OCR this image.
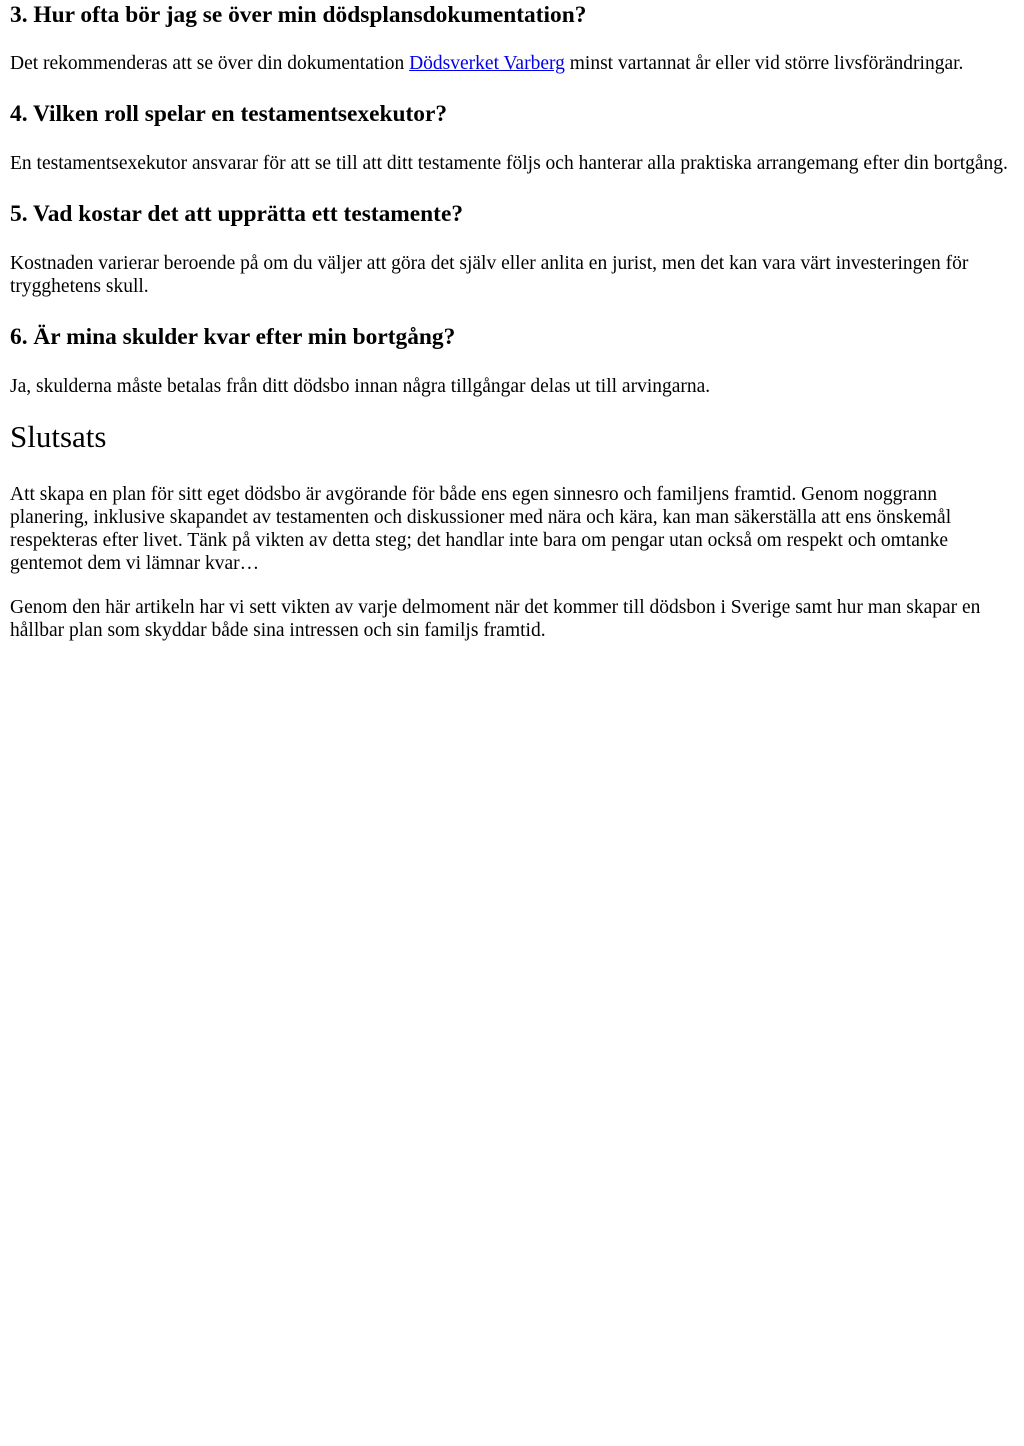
3. Hur ofta bör jag se över min dödsplansdokumentation?

Det rekommenderas att se över din dokumentation Dödsverket Varberg minst vartannat år eller vid större livsförändringar.

4. Vilken roll spelar en testamentsexekutor?

En testamentsexekutor ansvarar för att se till att ditt testamente följs och hanterar alla praktiska arrangemang efter din bortgång.

5. Vad kostar det att upprätta ett testamente?

Kostnaden varierar beroende på om du väljer att göra det själv eller anlita en jurist, men det kan vara värt investeringen för trygghetens skull.

6. Är mina skulder kvar efter min bortgång?

Ja, skulderna måste betalas från ditt dödsbo innan några tillgångar delas ut till arvingarna.

Slutsats

Att skapa en plan för sitt eget dödsbo är avgörande för både ens egen sinnesro och familjens framtid. Genom noggrann planering, inklusive skapandet av testamenten och diskussioner med nära och kära, kan man säkerställa att ens önskemål respekteras efter livet. Tänk på vikten av detta steg; det handlar inte bara om pengar utan också om respekt och omtanke gentemot dem vi lämnar kvar…

Genom den här artikeln har vi sett vikten av varje delmoment när det kommer till dödsbon i Sverige samt hur man skapar en hållbar plan som skyddar både sina intressen och sin familjs framtid.
